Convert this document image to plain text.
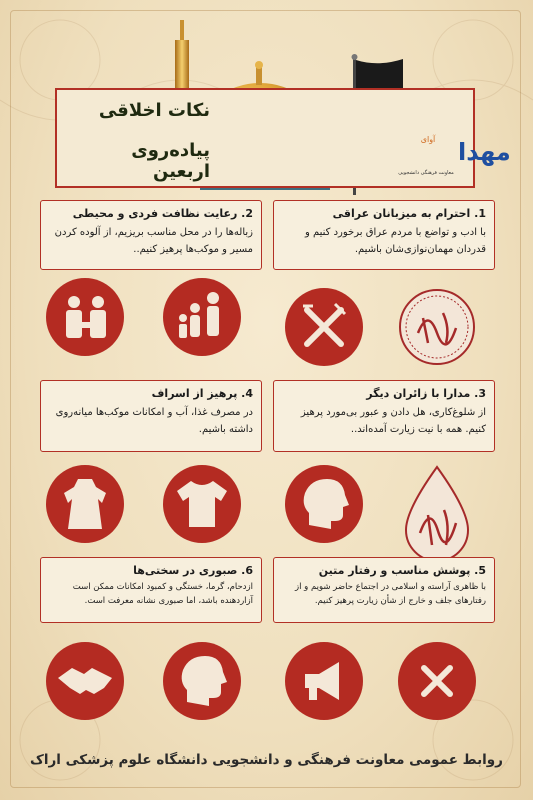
نکات اخلاقی
پیاده‌روی اربعین
مهدا
آوای
معاونت فرهنگی دانشجویی
1. احترام به میزبانان عراقی
با ادب و تواضع با مردم عراق برخورد کنیم و قدردان مهمان‌نوازی‌شان باشیم.
2. رعایت نظافت فردی و محیطی
زباله‌ها را در محل مناسب بریزیم، از آلوده کردن مسیر و موکب‌ها پرهیز کنیم..
3. مدارا با زائران دیگر
از شلوغ‌کاری، هل دادن و عبور بی‌مورد پرهیز کنیم. همه با نیت زیارت آمده‌اند..
4. پرهیز از اسراف
در مصرف غذا، آب و امکانات موکب‌ها میانه‌روی داشته باشیم.
5. پوشش مناسب و رفتار متین
با ظاهری آراسته و اسلامی در اجتماع حاضر شویم و از رفتارهای جلف و خارج از شأن زیارت پرهیز کنیم.
6. صبوری در سختی‌ها
ازدحام، گرما، خستگی و کمبود امکانات ممکن است آزاردهنده باشد، اما صبوری نشانه معرفت است.
روابط عمومی معاونت فرهنگی و دانشجویی دانشگاه علوم پزشکی اراک
